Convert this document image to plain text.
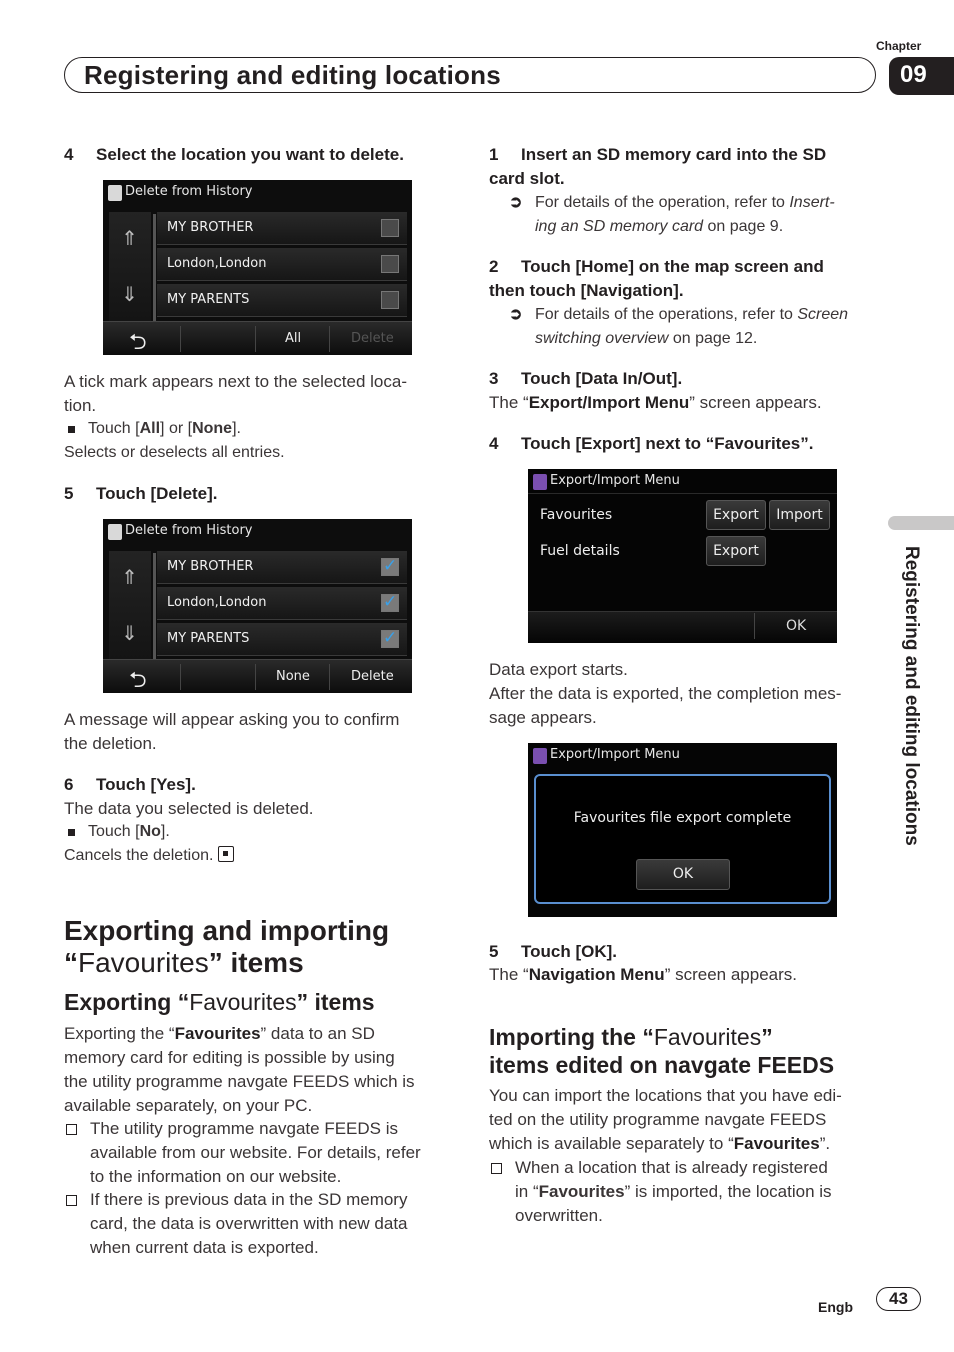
Chapter
Registering and editing locations	09
4 Select the location you want to delete.
Delete from History
⇑
⇓
MY BROTHER
London,London
MY PARENTS
⮌	All	Delete
A tick mark appears next to the selected loca-
tion.
Touch [All] or [None].
Selects or deselects all entries.
5 Touch [Delete].
Delete from History
⇑
⇓
MY BROTHER
✓
London,London
✓
MY PARENTS
✓
⮌	None	Delete
A message will appear asking you to confirm
the deletion.
6 Touch [Yes].
The data you selected is deleted.
Touch [No].
Cancels the deletion.
Exporting and importing
“Favourites” items
Exporting “Favourites” items
Exporting the “Favourites” data to an SD
memory card for editing is possible by using
the utility programme navgate FEEDS which is
available separately, on your PC.
The utility programme navgate FEEDS is
available from our website. For details, refer
to the information on our website.
If there is previous data in the SD memory
card, the data is overwritten with new data
when current data is exported.
1 Insert an SD memory card into the SD
card slot.
➲ For details of the operation, refer to Insert-
ing an SD memory card on page 9.
2 Touch [Home] on the map screen and
then touch [Navigation].
➲ For details of the operations, refer to Screen
switching overview on page 12.
3 Touch [Data In/Out].
The “Export/Import Menu” screen appears.
4 Touch [Export] next to “Favourites”.
Export/Import Menu
Favourites	Export	Import
Fuel details	Export
OK
Data export starts.
After the data is exported, the completion mes-
sage appears.
Export/Import Menu
Favourites file export complete
OK
5 Touch [OK].
The “Navigation Menu” screen appears.
Importing the “Favourites”
items edited on navgate FEEDS
You can import the locations that you have edi-
ted on the utility programme navgate FEEDS
which is available separately to “Favourites”.
When a location that is already registered
in “Favourites” is imported, the location is
overwritten.
Registering and editing locations
Engb	43
